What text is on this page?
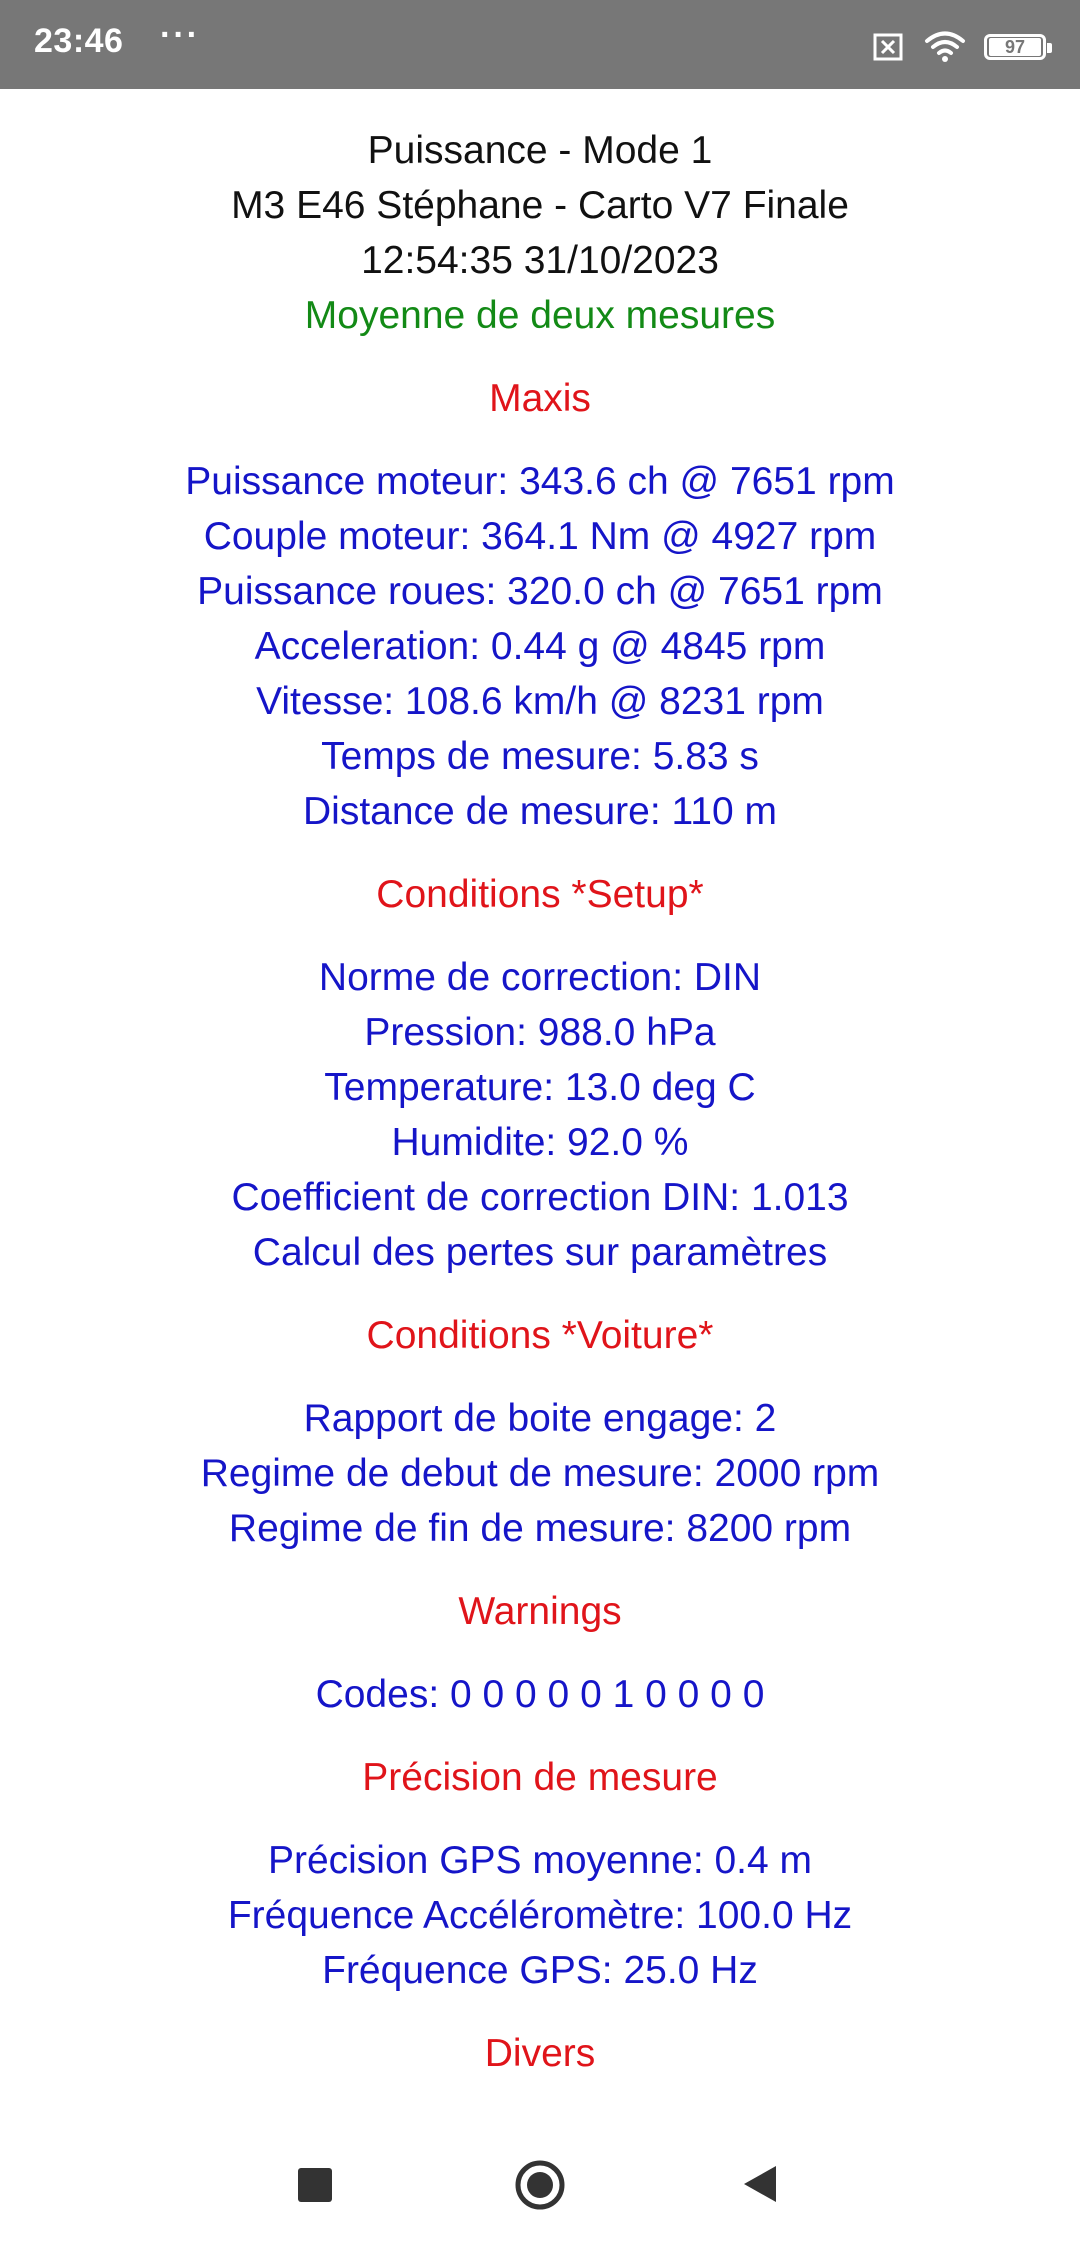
23:46 ···	97
Puissance - Mode 1
M3 E46 Stéphane - Carto V7 Finale
12:54:35 31/10/2023
Moyenne de deux mesures
Maxis
Puissance moteur: 343.6 ch @ 7651 rpm
Couple moteur: 364.1 Nm @ 4927 rpm
Puissance roues: 320.0 ch @ 7651 rpm
Acceleration: 0.44 g @ 4845 rpm
Vitesse: 108.6 km/h @ 8231 rpm
Temps de mesure: 5.83 s
Distance de mesure: 110 m
Conditions *Setup*
Norme de correction: DIN
Pression: 988.0 hPa
Temperature: 13.0 deg C
Humidite: 92.0 %
Coefficient de correction DIN: 1.013
Calcul des pertes sur paramètres
Conditions *Voiture*
Rapport de boite engage: 2
Regime de debut de mesure: 2000 rpm
Regime de fin de mesure: 8200 rpm
Warnings
Codes: 0 0 0 0 0 1 0 0 0 0
Précision de mesure
Précision GPS moyenne: 0.4 m
Fréquence Accéléromètre: 100.0 Hz
Fréquence GPS: 25.0 Hz
Divers
